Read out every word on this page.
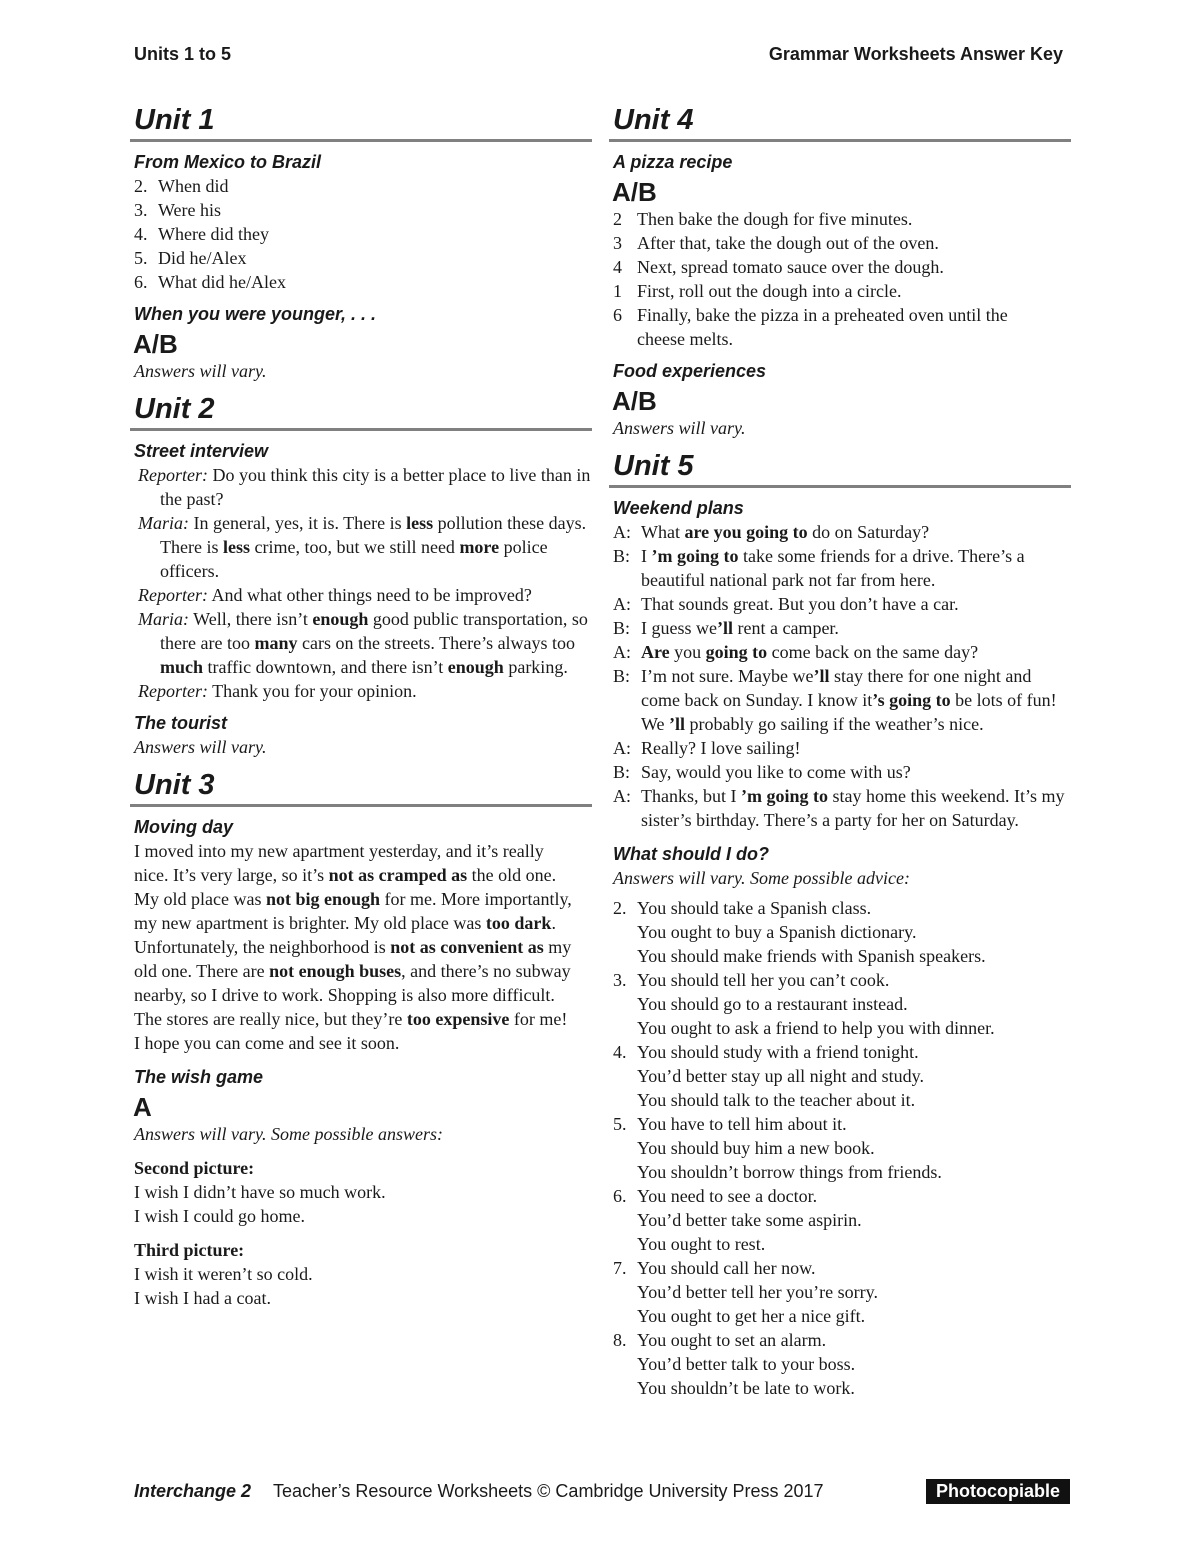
Units 1 to 5	Grammar Worksheets Answer Key
Unit 1
From Mexico to Brazil
2. When did
3. Were his
4. Where did they
5. Did he/Alex
6. What did he/Alex
When you were younger, . . .
A/B
Answers will vary.
Unit 2
Street interview
Reporter: Do you think this city is a better place to live than in the past?
Maria: In general, yes, it is. There is less pollution these days. There is less crime, too, but we still need more police officers.
Reporter: And what other things need to be improved?
Maria: Well, there isn’t enough good public transportation, so there are too many cars on the streets. There’s always too much traffic downtown, and there isn’t enough parking.
Reporter: Thank you for your opinion.
The tourist
Answers will vary.
Unit 3
Moving day
I moved into my new apartment yesterday, and it’s really nice. It’s very large, so it’s not as cramped as the old one. My old place was not big enough for me. More importantly, my new apartment is brighter. My old place was too dark. Unfortunately, the neighborhood is not as convenient as my old one. There are not enough buses, and there’s no subway nearby, so I drive to work. Shopping is also more difficult. The stores are really nice, but they’re too expensive for me! I hope you can come and see it soon.
The wish game
A
Answers will vary. Some possible answers:
Second picture:
I wish I didn’t have so much work.
I wish I could go home.
Third picture:
I wish it weren’t so cold.
I wish I had a coat.
Unit 4
A pizza recipe
A/B
2 Then bake the dough for five minutes.
3 After that, take the dough out of the oven.
4 Next, spread tomato sauce over the dough.
1 First, roll out the dough into a circle.
6 Finally, bake the pizza in a preheated oven until the cheese melts.
Food experiences
A/B
Answers will vary.
Unit 5
Weekend plans
A: What are you going to do on Saturday?
B: I ’m going to take some friends for a drive. There’s a beautiful national park not far from here.
A: That sounds great. But you don’t have a car.
B: I guess we’ll rent a camper.
A: Are you going to come back on the same day?
B: I’m not sure. Maybe we’ll stay there for one night and come back on Sunday. I know it’s going to be lots of fun! We ’ll probably go sailing if the weather’s nice.
A: Really? I love sailing!
B: Say, would you like to come with us?
A: Thanks, but I ’m going to stay home this weekend. It’s my sister’s birthday. There’s a party for her on Saturday.
What should I do?
Answers will vary. Some possible advice:
2. You should take a Spanish class.
You ought to buy a Spanish dictionary.
You should make friends with Spanish speakers.
3. You should tell her you can’t cook.
You should go to a restaurant instead.
You ought to ask a friend to help you with dinner.
4. You should study with a friend tonight.
You’d better stay up all night and study.
You should talk to the teacher about it.
5. You have to tell him about it.
You should buy him a new book.
You shouldn’t borrow things from friends.
6. You need to see a doctor.
You’d better take some aspirin.
You ought to rest.
7. You should call her now.
You’d better tell her you’re sorry.
You ought to get her a nice gift.
8. You ought to set an alarm.
You’d better talk to your boss.
You shouldn’t be late to work.
Interchange 2 Teacher’s Resource Worksheets © Cambridge University Press 2017	Photocopiable
